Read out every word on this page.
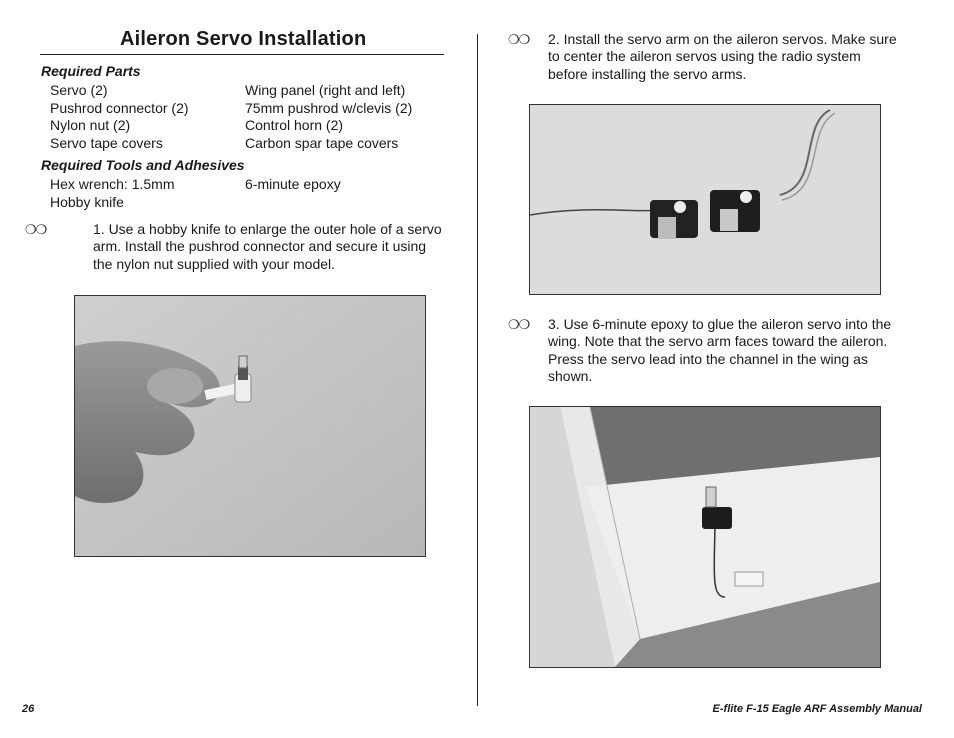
Aileron Servo Installation
Required Parts
Servo (2)	Wing panel (right and left)
Pushrod connector (2)	75mm pushrod w/clevis (2)
Nylon nut (2)	Control horn (2)
Servo tape covers	Carbon spar tape covers
Required Tools and Adhesives
Hex wrench: 1.5mm	6-minute epoxy
Hobby knife
❍❍	1. Use a hobby knife to enlarge the outer hole of a servo arm. Install the pushrod connector and secure it using the nylon nut supplied with your model.
❍❍ 2. Install the servo arm on the aileron servos. Make sure to center the aileron servos using the radio system before installing the servo arms.
❍❍ 3. Use 6-minute epoxy to glue the aileron servo into the wing. Note that the servo arm faces toward the aileron. Press the servo lead into the channel in the wing as shown.
26	E-flite F-15 Eagle ARF Assembly Manual
